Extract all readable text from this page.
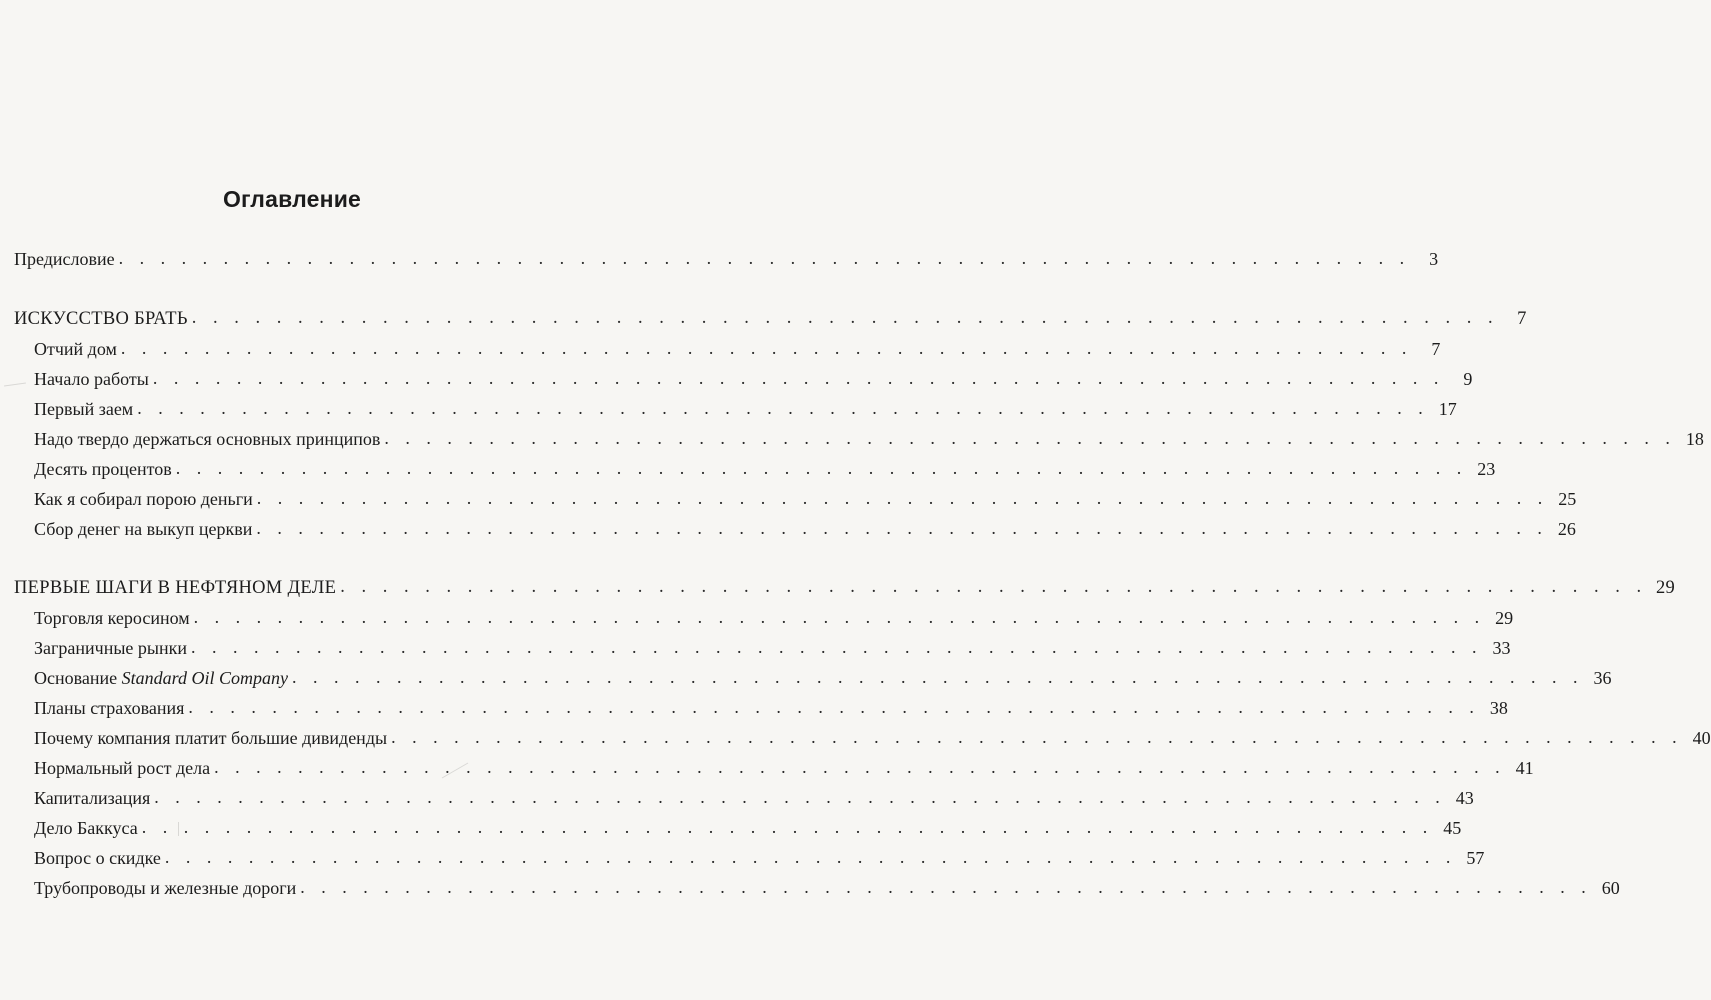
Оглавление
Предисловие . . . . . . . . . . . . . . . . . . . . . . . . . . . . . . . . . . . . . . . . . . . . . . . . . . . . . . . . . . . . . .	3
ИСКУССТВО БРАТЬ . . . . . . . . . . . . . . . . . . . . . . . . . . . . . . . . . . . . . . . . . . . . . . . . . . . . . . . . . . . . . . 7
Отчий дом . . . . . . . . . . . . . . . . . . . . . . . . . . . . . . . . . . . . . . . . . . . . . . . . . . . . . . . . . . . . . .	7
Начало работы . . . . . . . . . . . . . . . . . . . . . . . . . . . . . . . . . . . . . . . . . . . . . . . . . . . . . . . . . . . . . .	9
Первый заем . . . . . . . . . . . . . . . . . . . . . . . . . . . . . . . . . . . . . . . . . . . . . . . . . . . . . . . . . . . . . . 17
Надо твердо держаться основных принципов . . . . . . . . . . . . . . . . . . . . . . . . . . . . . . . . . . . . . . . . . . . . . . . . . . . . . . . . . . . . . . 18
Десять процентов . . . . . . . . . . . . . . . . . . . . . . . . . . . . . . . . . . . . . . . . . . . . . . . . . . . . . . . . . . . . . . 23
Как я собирал порою деньги . . . . . . . . . . . . . . . . . . . . . . . . . . . . . . . . . . . . . . . . . . . . . . . . . . . . . . . . . . . . . . 25
Сбор денег на выкуп церкви . . . . . . . . . . . . . . . . . . . . . . . . . . . . . . . . . . . . . . . . . . . . . . . . . . . . . . . . . . . . . . 26
ПЕРВЫЕ ШАГИ В НЕФТЯНОМ ДЕЛЕ . . . . . . . . . . . . . . . . . . . . . . . . . . . . . . . . . . . . . . . . . . . . . . . . . . . . . . . . . . . . . . 29
Торговля керосином . . . . . . . . . . . . . . . . . . . . . . . . . . . . . . . . . . . . . . . . . . . . . . . . . . . . . . . . . . . . . . 29
Заграничные рынки . . . . . . . . . . . . . . . . . . . . . . . . . . . . . . . . . . . . . . . . . . . . . . . . . . . . . . . . . . . . . . 33
Основание Standard Oil Company . . . . . . . . . . . . . . . . . . . . . . . . . . . . . . . . . . . . . . . . . . . . . . . . . . . . . . . . . . . . . . 36
Планы страхования . . . . . . . . . . . . . . . . . . . . . . . . . . . . . . . . . . . . . . . . . . . . . . . . . . . . . . . . . . . . . . 38
Почему компания платит большие дивиденды . . . . . . . . . . . . . . . . . . . . . . . . . . . . . . . . . . . . . . . . . . . . . . . . . . . . . . . . . . . . . . 40
Нормальный рост дела . . . . . . . . . . . . . . . . . . . . . . . . . . . . . . . . . . . . . . . . . . . . . . . . . . . . . . . . . . . . . . 41
Капитализация . . . . . . . . . . . . . . . . . . . . . . . . . . . . . . . . . . . . . . . . . . . . . . . . . . . . . . . . . . . . . . 43
Дело Баккуса . . . . . . . . . . . . . . . . . . . . . . . . . . . . . . . . . . . . . . . . . . . . . . . . . . . . . . . . . . . . . . 45
Вопрос о скидке . . . . . . . . . . . . . . . . . . . . . . . . . . . . . . . . . . . . . . . . . . . . . . . . . . . . . . . . . . . . . . 57
Трубопроводы и железные дороги . . . . . . . . . . . . . . . . . . . . . . . . . . . . . . . . . . . . . . . . . . . . . . . . . . . . . . . . . . . . . . 60
